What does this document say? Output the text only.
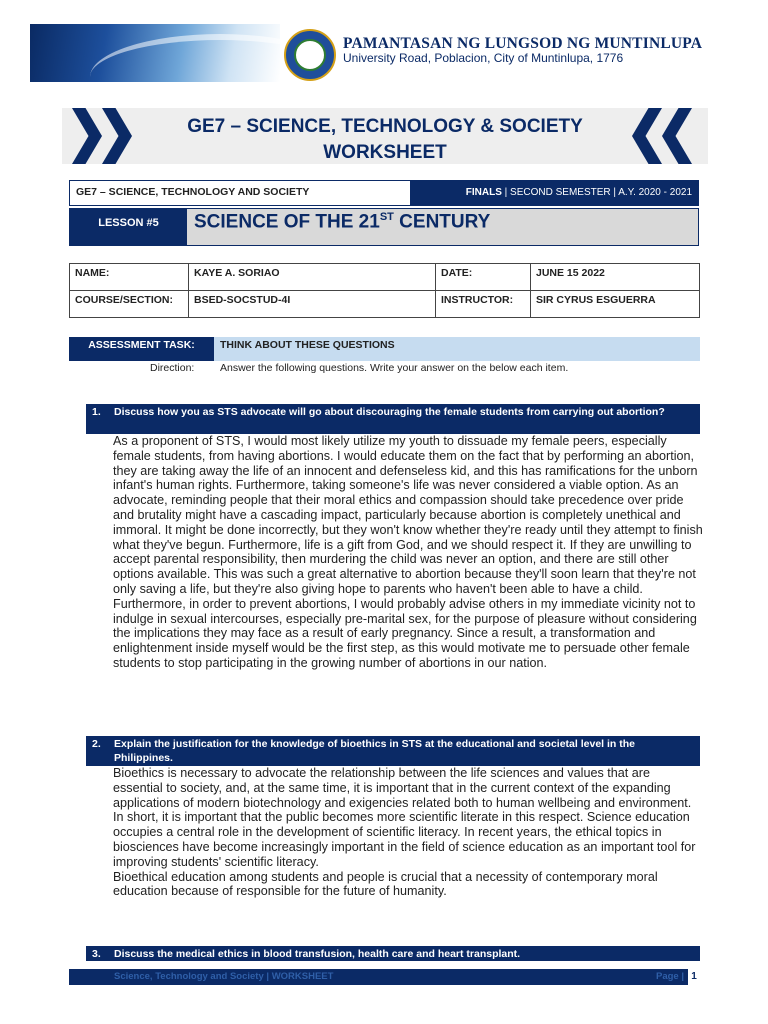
PAMANTASAN NG LUNGSOD NG MUNTINLUPA
University Road, Poblacion, City of Muntinlupa, 1776
GE7 – SCIENCE, TECHNOLOGY & SOCIETY
WORKSHEET
GE7 – SCIENCE, TECHNOLOGY AND SOCIETY	FINALS | SECOND SEMESTER | A.Y. 2020 - 2021
LESSON #5	SCIENCE OF THE 21ST CENTURY
NAME:	KAYE A. SORIAO	DATE:	JUNE 15 2022
COURSE/SECTION:	BSED-SOCSTUD-4I	INSTRUCTOR:	SIR CYRUS ESGUERRA
ASSESSMENT TASK:	THINK ABOUT THESE QUESTIONS
Direction: Answer the following questions. Write your answer on the below each item.
1. Discuss how you as STS advocate will go about discouraging the female students from carrying out abortion?

As a proponent of STS, I would most likely utilize my youth to dissuade my female peers, especially female students, from having abortions. I would educate them on the fact that by performing an abortion, they are taking away the life of an innocent and defenseless kid, and this has ramifications for the unborn infant's human rights. Furthermore, taking someone's life was never considered a viable option. As an advocate, reminding people that their moral ethics and compassion should take precedence over pride and brutality might have a cascading impact, particularly because abortion is completely unethical and immoral. It might be done incorrectly, but they won't know whether they're ready until they attempt to finish what they've begun. Furthermore, life is a gift from God, and we should respect it. If they are unwilling to accept parental responsibility, then murdering the child was never an option, and there are still other options available. This was such a great alternative to abortion because they'll soon learn that they're not only saving a life, but they're also giving hope to parents who haven't been able to have a child. Furthermore, in order to prevent abortions, I would probably advise others in my immediate vicinity not to indulge in sexual intercourses, especially pre-marital sex, for the purpose of pleasure without considering the implications they may face as a result of early pregnancy. Since a result, a transformation and enlightenment inside myself would be the first step, as this would motivate me to persuade other female students to stop participating in the growing number of abortions in our nation.

2. Explain the justification for the knowledge of bioethics in STS at the educational and societal level in the Philippines.

Bioethics is necessary to advocate the relationship between the life sciences and values that are essential to society, and, at the same time, it is important that in the current context of the expanding applications of modern biotechnology and exigencies related both to human wellbeing and environment. In short, it is important that the public becomes more scientific literate in this respect. Science education occupies a central role in the development of scientific literacy. In recent years, the ethical topics in biosciences have become increasingly important in the field of science education as an important tool for improving students' scientific literacy.

Bioethical education among students and people is crucial that a necessity of contemporary moral education because of responsible for the future of humanity.

3. Discuss the medical ethics in blood transfusion, health care and heart transplant.
Science, Technology and Society | WORKSHEET	Page | 1
